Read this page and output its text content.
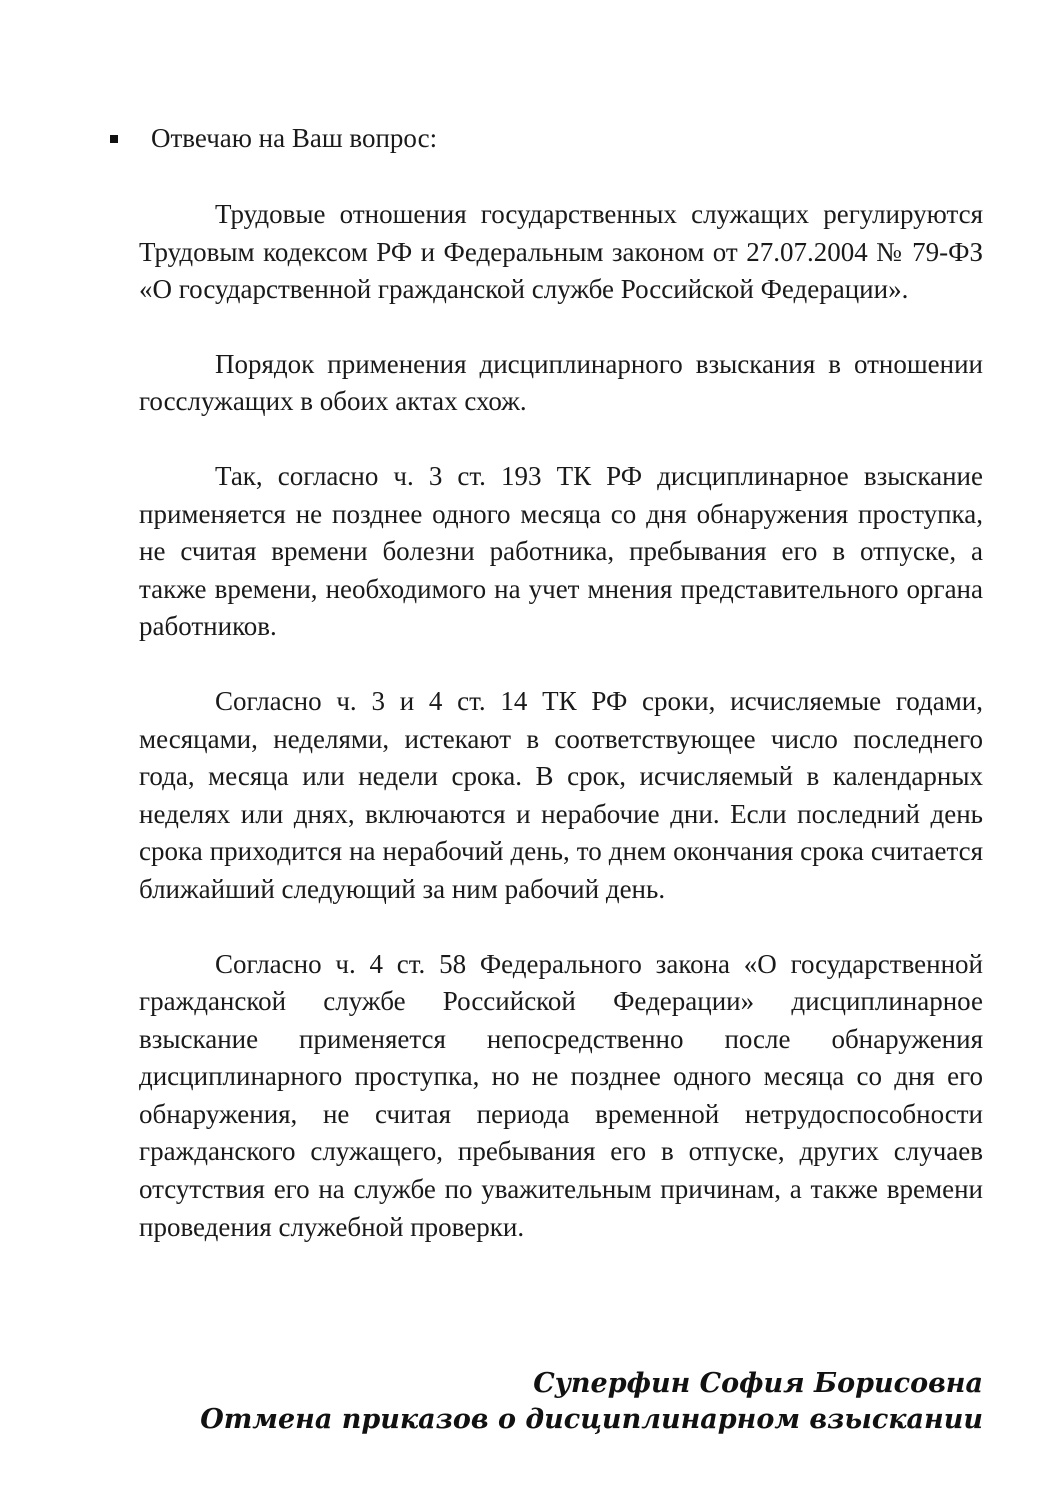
Отвечаю на Ваш вопрос:

Трудовые отношения государственных служащих регулируются Трудовым кодексом РФ и Федеральным законом от 27.07.2004 № 79-ФЗ «О государственной гражданской службе Российской Федерации».

Порядок применения дисциплинарного взыскания в отношении госслужащих в обоих актах схож.

Так, согласно ч. 3 ст. 193 ТК РФ дисциплинарное взыскание применяется не позднее одного месяца со дня обнаружения проступка, не считая времени болезни работника, пребывания его в отпуске, а также времени, необходимого на учет мнения представительного органа работников.

Согласно ч. 3 и 4 ст. 14 ТК РФ сроки, исчисляемые годами, месяцами, неделями, истекают в соответствующее число последнего года, месяца или недели срока. В срок, исчисляемый в календарных неделях или днях, включаются и нерабочие дни. Если последний день срока приходится на нерабочий день, то днем окончания срока считается ближайший следующий за ним рабочий день.

Согласно ч. 4 ст. 58 Федерального закона «О государственной гражданской службе Российской Федерации» дисциплинарное взыскание применяется непосредственно после обнаружения дисциплинарного проступка, но не позднее одного месяца со дня его обнаружения, не считая периода временной нетрудоспособности гражданского служащего, пребывания его в отпуске, других случаев отсутствия его на службе по уважительным причинам, а также времени проведения служебной проверки.

Суперфин София Борисовна
Отмена приказов о дисциплинарном взыскании
